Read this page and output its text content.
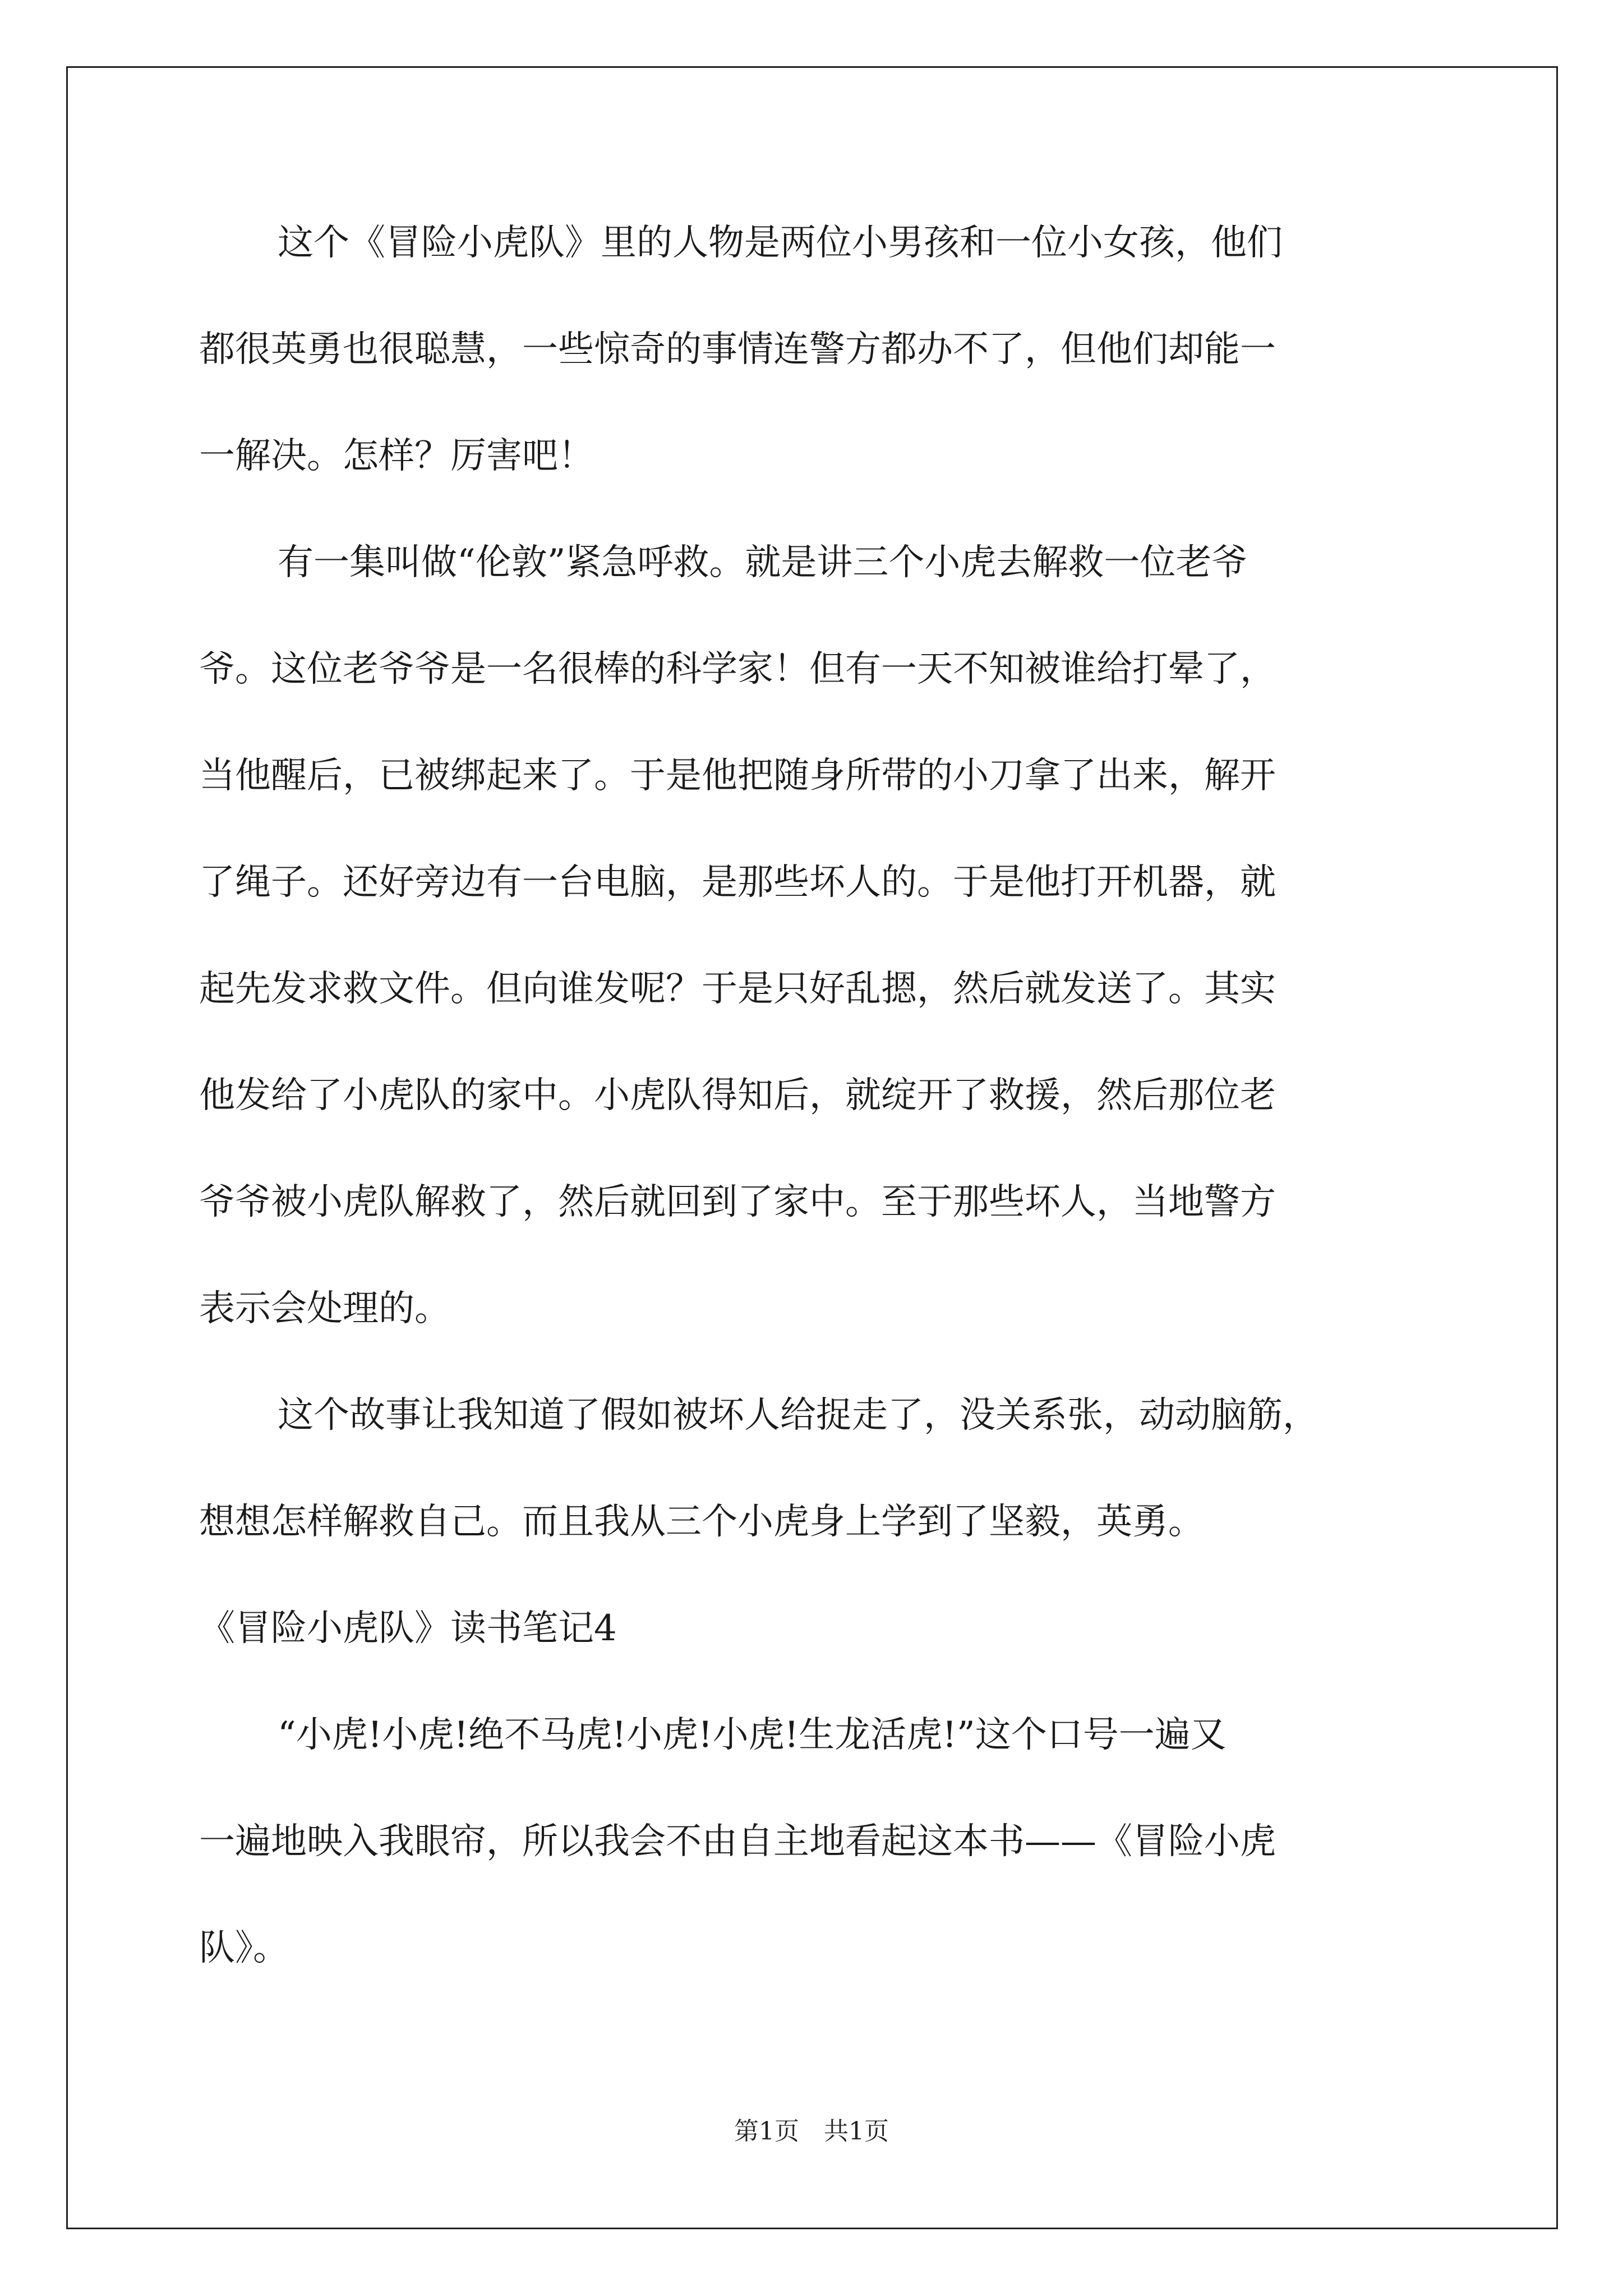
这个《冒险小虎队》里的人物是两位小男孩和一位小女孩，他们
都很英勇也很聪慧，一些惊奇的事情连警方都办不了，但他们却能一
一解决。怎样？厉害吧！
有一集叫做“伦敦”紧急呼救。就是讲三个小虎去解救一位老爷
爷。这位老爷爷是一名很棒的科学家！但有一天不知被谁给打晕了，
当他醒后，已被绑起来了。于是他把随身所带的小刀拿了出来，解开
了绳子。还好旁边有一台电脑，是那些坏人的。于是他打开机器，就
起先发求救文件。但向谁发呢？于是只好乱摁，然后就发送了。其实
他发给了小虎队的家中。小虎队得知后，就绽开了救援，然后那位老
爷爷被小虎队解救了，然后就回到了家中。至于那些坏人，当地警方
表示会处理的。
这个故事让我知道了假如被坏人给捉走了，没关系张，动动脑筋，
想想怎样解救自己。而且我从三个小虎身上学到了坚毅，英勇。
《冒险小虎队》读书笔记4
“小虎!小虎!绝不马虎!小虎!小虎!生龙活虎!”这个口号一遍又
一遍地映入我眼帘，所以我会不由自主地看起这本书——《冒险小虎
队》。
第1页　共1页
